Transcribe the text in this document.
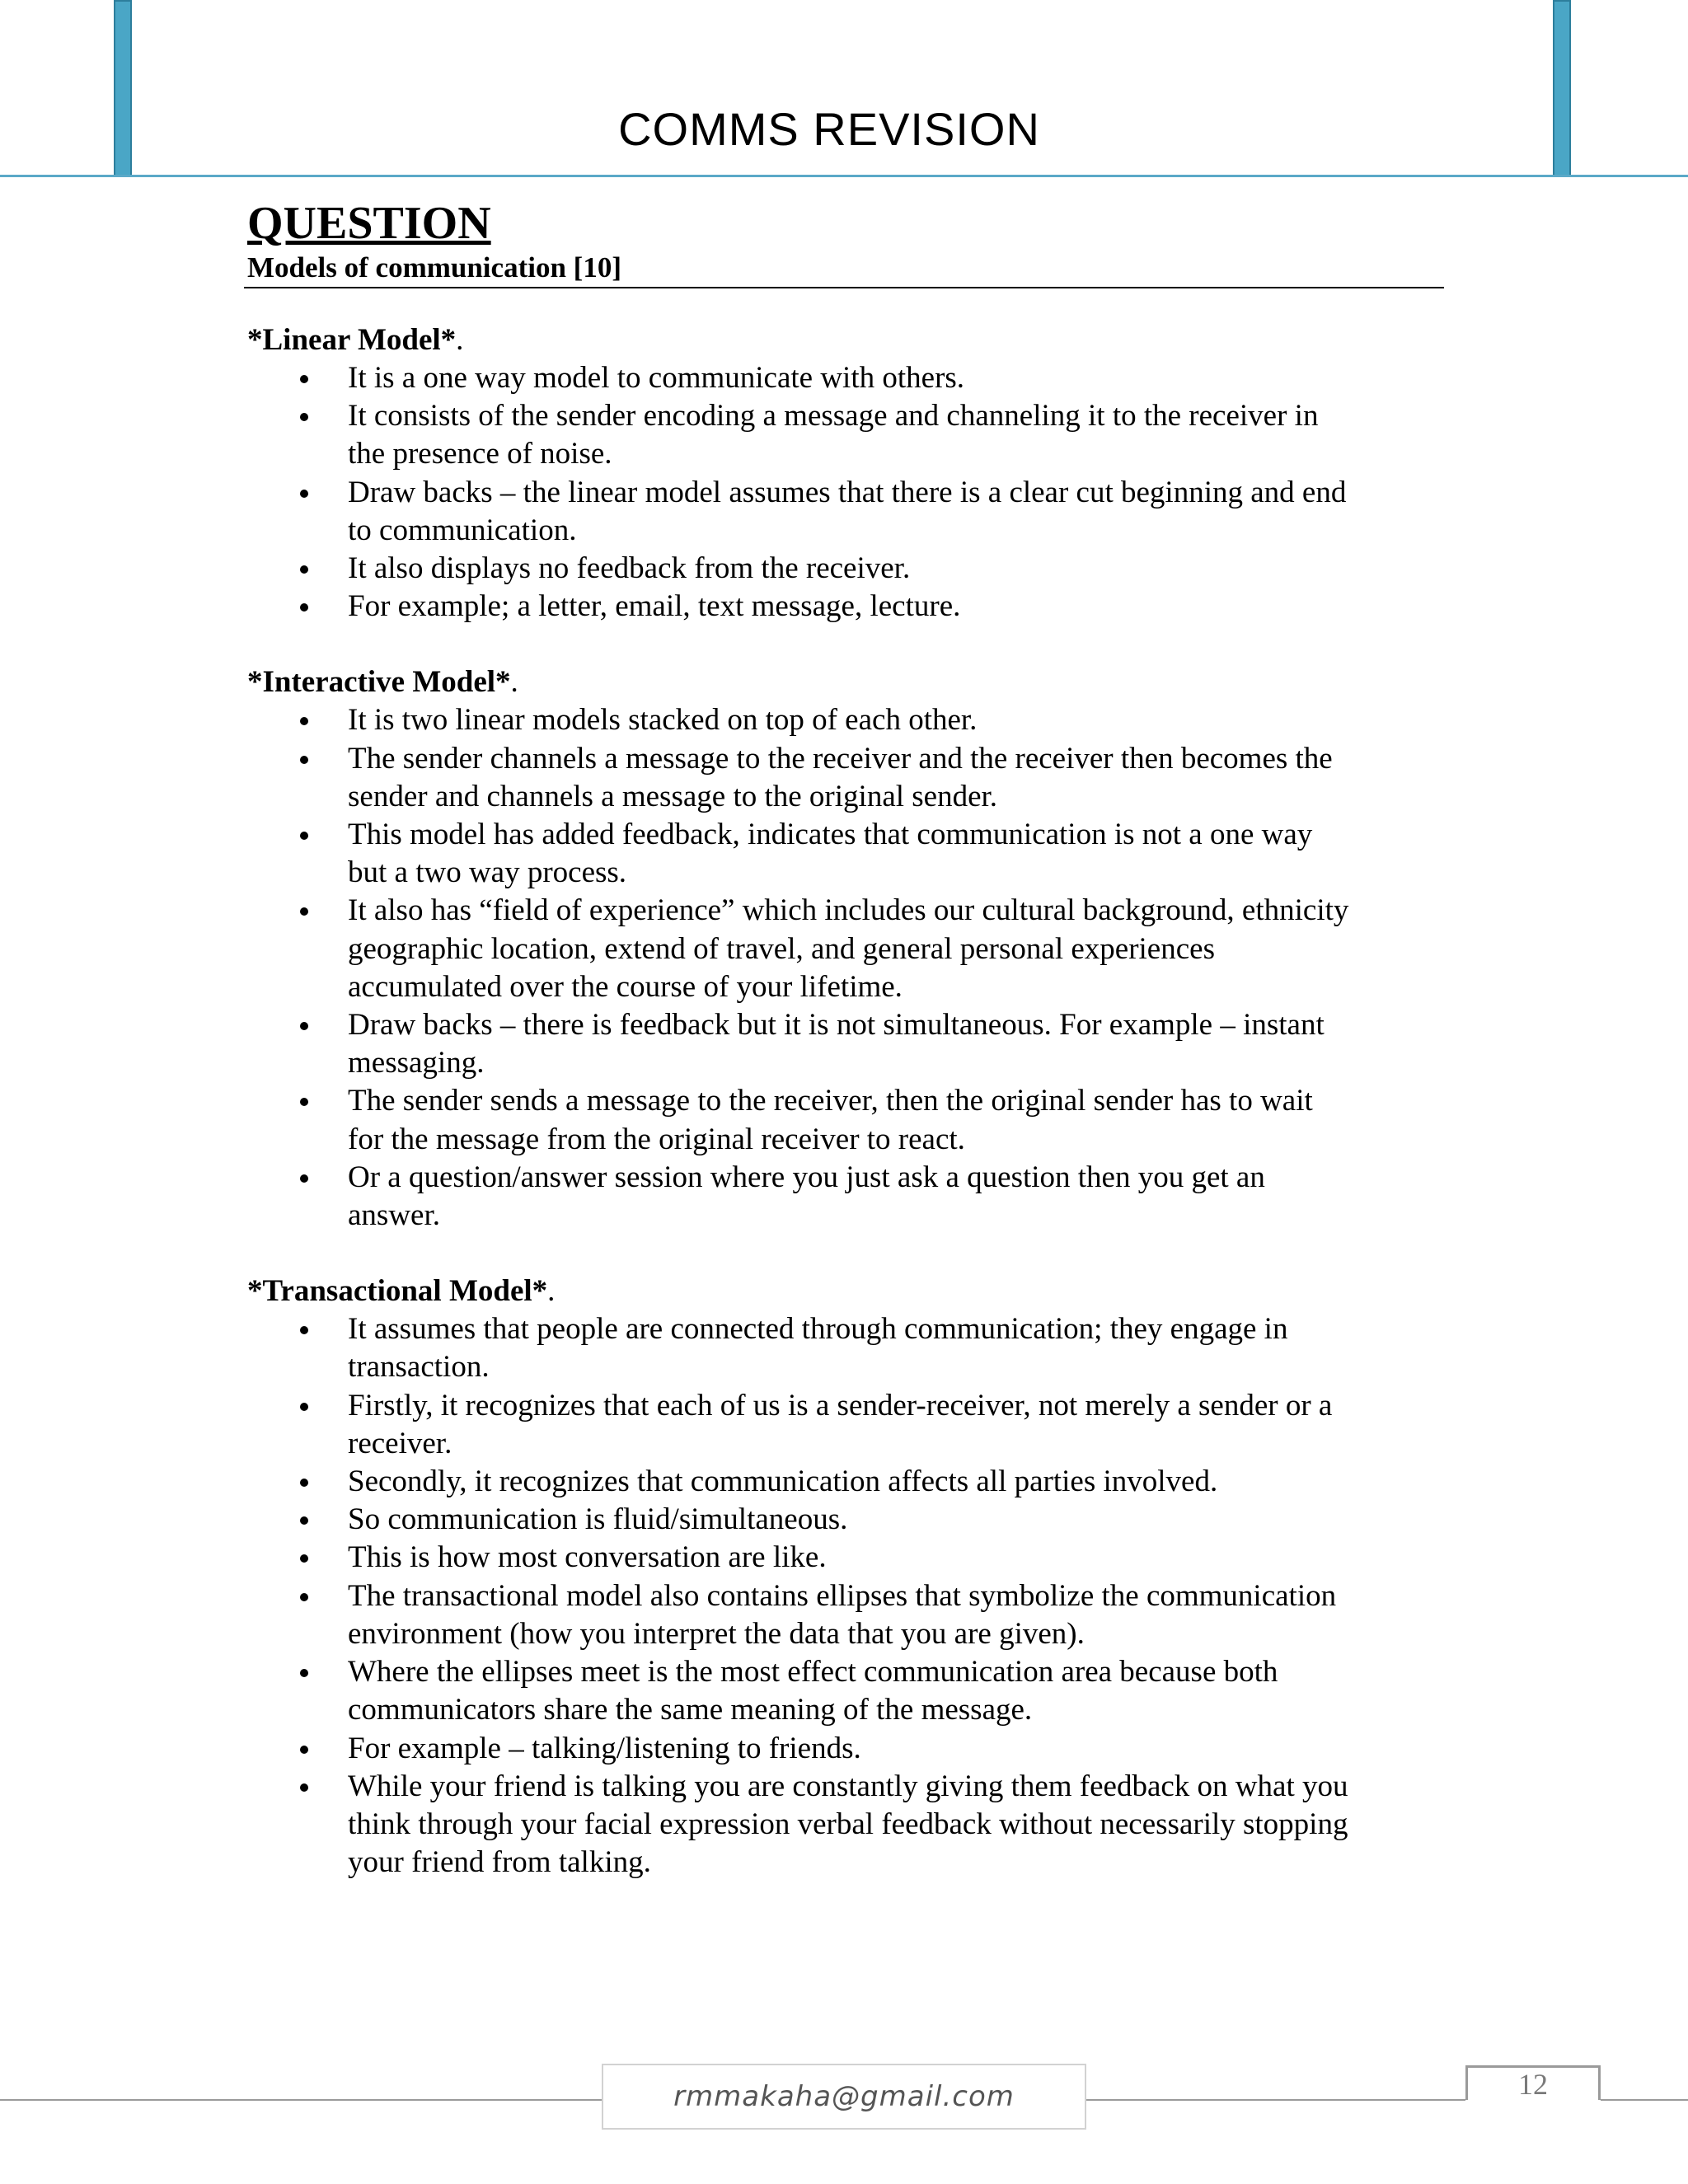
COMMS REVISION

QUESTION

Models of communication [10]

*Linear Model*.

It is a one way model to communicate with others.
It consists of the sender encoding a message and channeling it to the receiver in
the presence of noise.
Draw backs – the linear model assumes that there is a clear cut beginning and end
to communication.
It also displays no feedback from the receiver.
For example; a letter, email, text message, lecture.

*Interactive Model*.

It is two linear models stacked on top of each other.
The sender channels a message to the receiver and the receiver then becomes the
sender and channels a message to the original sender.
This model has added feedback, indicates that communication is not a one way
but a two way process.
It also has “field of experience” which includes our cultural background, ethnicity
geographic location, extend of travel, and general personal experiences
accumulated over the course of your lifetime.
Draw backs – there is feedback but it is not simultaneous. For example – instant
messaging.
The sender sends a message to the receiver, then the original sender has to wait
for the message from the original receiver to react.
Or a question/answer session where you just ask a question then you get an
answer.

*Transactional Model*.

It assumes that people are connected through communication; they engage in
transaction.
Firstly, it recognizes that each of us is a sender-receiver, not merely a sender or a
receiver.
Secondly, it recognizes that communication affects all parties involved.
So communication is fluid/simultaneous.
This is how most conversation are like.
The transactional model also contains ellipses that symbolize the communication
environment (how you interpret the data that you are given).
Where the ellipses meet is the most effect communication area because both
communicators share the same meaning of the message.
For example – talking/listening to friends.
While your friend is talking you are constantly giving them feedback on what you
think through your facial expression verbal feedback without necessarily stopping
your friend from talking.
rmmakaha@gmail.com	12
